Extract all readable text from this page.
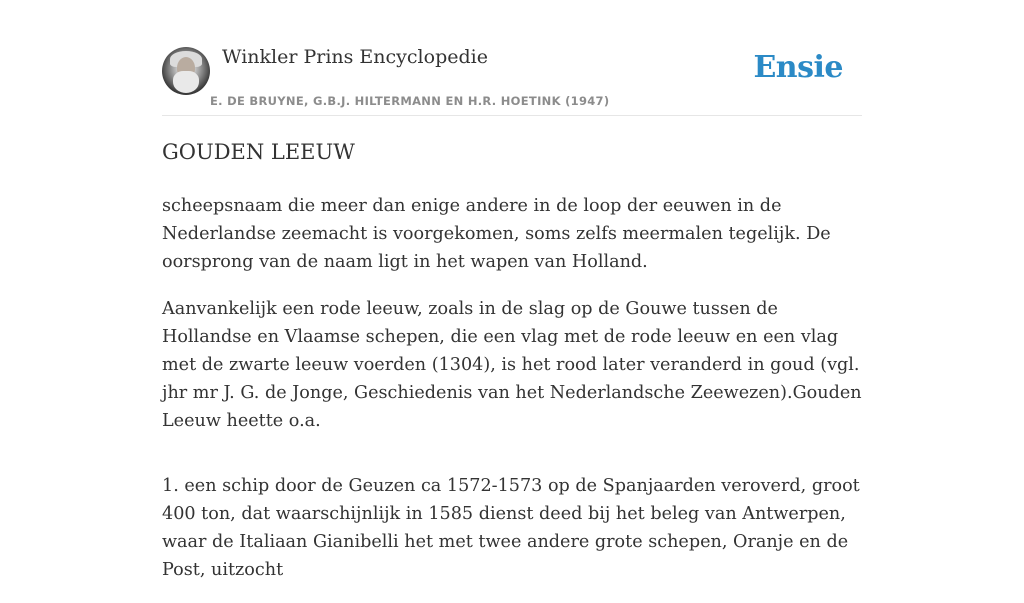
Winkler Prins Encyclopedie	Ensie
E. DE BRUYNE, G.B.J. HILTERMANN EN H.R. HOETINK (1947)
GOUDEN LEEUW

scheepsnaam die meer dan enige andere in de loop der eeuwen in de Nederlandse zeemacht is voorgekomen, soms zelfs meermalen tegelijk. De oorsprong van de naam ligt in het wapen van Holland.

Aanvankelijk een rode leeuw, zoals in de slag op de Gouwe tussen de Hollandse en Vlaamse schepen, die een vlag met de rode leeuw en een vlag met de zwarte leeuw voerden (1304), is het rood later veranderd in goud (vgl. jhr mr J. G. de Jonge, Geschiedenis van het Nederlandsche Zeewezen).Gouden Leeuw heette o.a.

1. een schip door de Geuzen ca 1572-1573 op de Spanjaarden veroverd, groot 400 ton, dat waarschijnlijk in 1585 dienst deed bij het beleg van Antwerpen, waar de Italiaan Gianibelli het met twee andere grote schepen, Oranje en de Post, uitzocht
